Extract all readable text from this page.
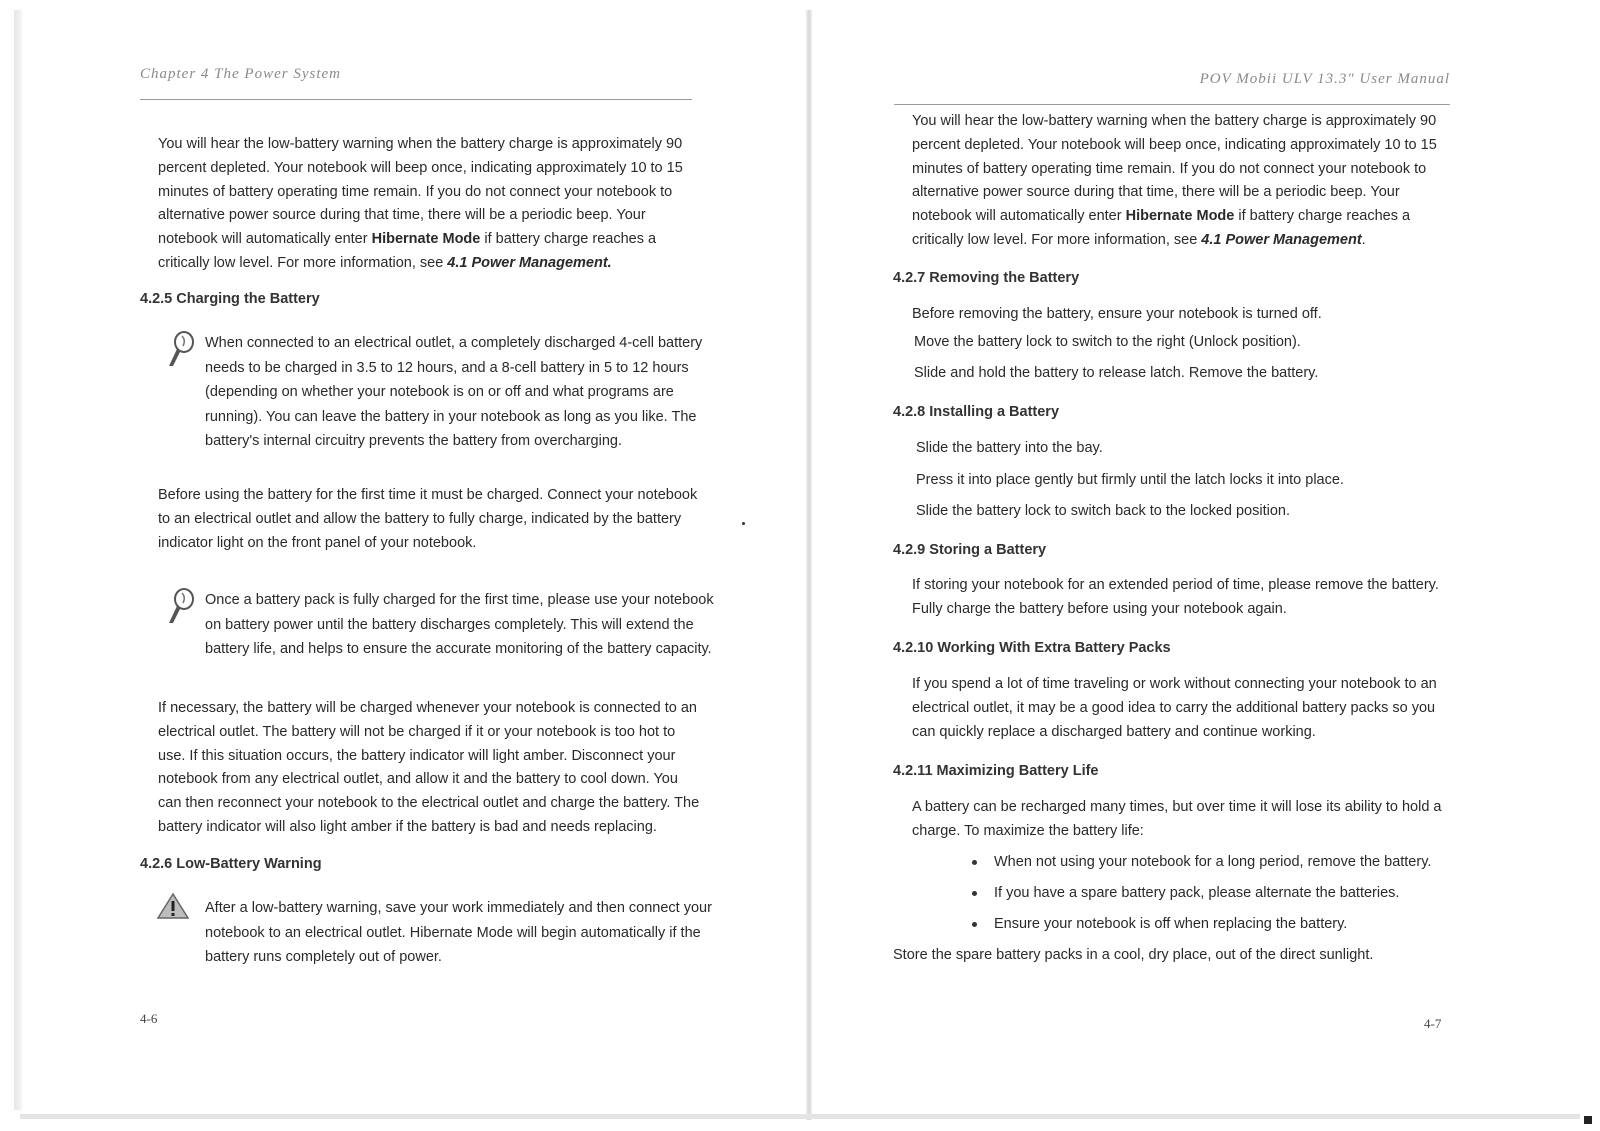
Chapter 4 The Power System

You will hear the low-battery warning when the battery charge is approximately 90 percent depleted. Your notebook will beep once, indicating approximately 10 to 15 minutes of battery operating time remain. If you do not connect your notebook to alternative power source during that time, there will be a periodic beep. Your notebook will automatically enter Hibernate Mode if battery charge reaches a critically low level. For more information, see 4.1 Power Management.

4.2.5 Charging the Battery

When connected to an electrical outlet, a completely discharged 4-cell battery needs to be charged in 3.5 to 12 hours, and a 8-cell battery in 5 to 12 hours (depending on whether your notebook is on or off and what programs are running). You can leave the battery in your notebook as long as you like. The battery's internal circuitry prevents the battery from overcharging.

Before using the battery for the first time it must be charged. Connect your notebook to an electrical outlet and allow the battery to fully charge, indicated by the battery indicator light on the front panel of your notebook.

Once a battery pack is fully charged for the first time, please use your notebook on battery power until the battery discharges completely. This will extend the battery life, and helps to ensure the accurate monitoring of the battery capacity.

If necessary, the battery will be charged whenever your notebook is connected to an electrical outlet. The battery will not be charged if it or your notebook is too hot to use. If this situation occurs, the battery indicator will light amber. Disconnect your notebook from any electrical outlet, and allow it and the battery to cool down. You can then reconnect your notebook to the electrical outlet and charge the battery. The battery indicator will also light amber if the battery is bad and needs replacing.

4.2.6 Low-Battery Warning

After a low-battery warning, save your work immediately and then connect your notebook to an electrical outlet. Hibernate Mode will begin automatically if the battery runs completely out of power.

4-6
POV Mobii ULV 13.3" User Manual

You will hear the low-battery warning when the battery charge is approximately 90 percent depleted. Your notebook will beep once, indicating approximately 10 to 15 minutes of battery operating time remain. If you do not connect your notebook to alternative power source during that time, there will be a periodic beep. Your notebook will automatically enter Hibernate Mode if battery charge reaches a critically low level. For more information, see 4.1 Power Management.

4.2.7 Removing the Battery
Before removing the battery, ensure your notebook is turned off.
Move the battery lock to switch to the right (Unlock position).
Slide and hold the battery to release latch. Remove the battery.
4.2.8 Installing a Battery
Slide the battery into the bay.
Press it into place gently but firmly until the latch locks it into place.
Slide the battery lock to switch back to the locked position.
4.2.9 Storing a Battery

If storing your notebook for an extended period of time, please remove the battery. Fully charge the battery before using your notebook again.

4.2.10 Working With Extra Battery Packs

If you spend a lot of time traveling or work without connecting your notebook to an electrical outlet, it may be a good idea to carry the additional battery packs so you can quickly replace a discharged battery and continue working.

4.2.11 Maximizing Battery Life

A battery can be recharged many times, but over time it will lose its ability to hold a charge. To maximize the battery life:

When not using your notebook for a long period, remove the battery.
If you have a spare battery pack, please alternate the batteries.
Ensure your notebook is off when replacing the battery.
Store the spare battery packs in a cool, dry place, out of the direct sunlight.
4-7
